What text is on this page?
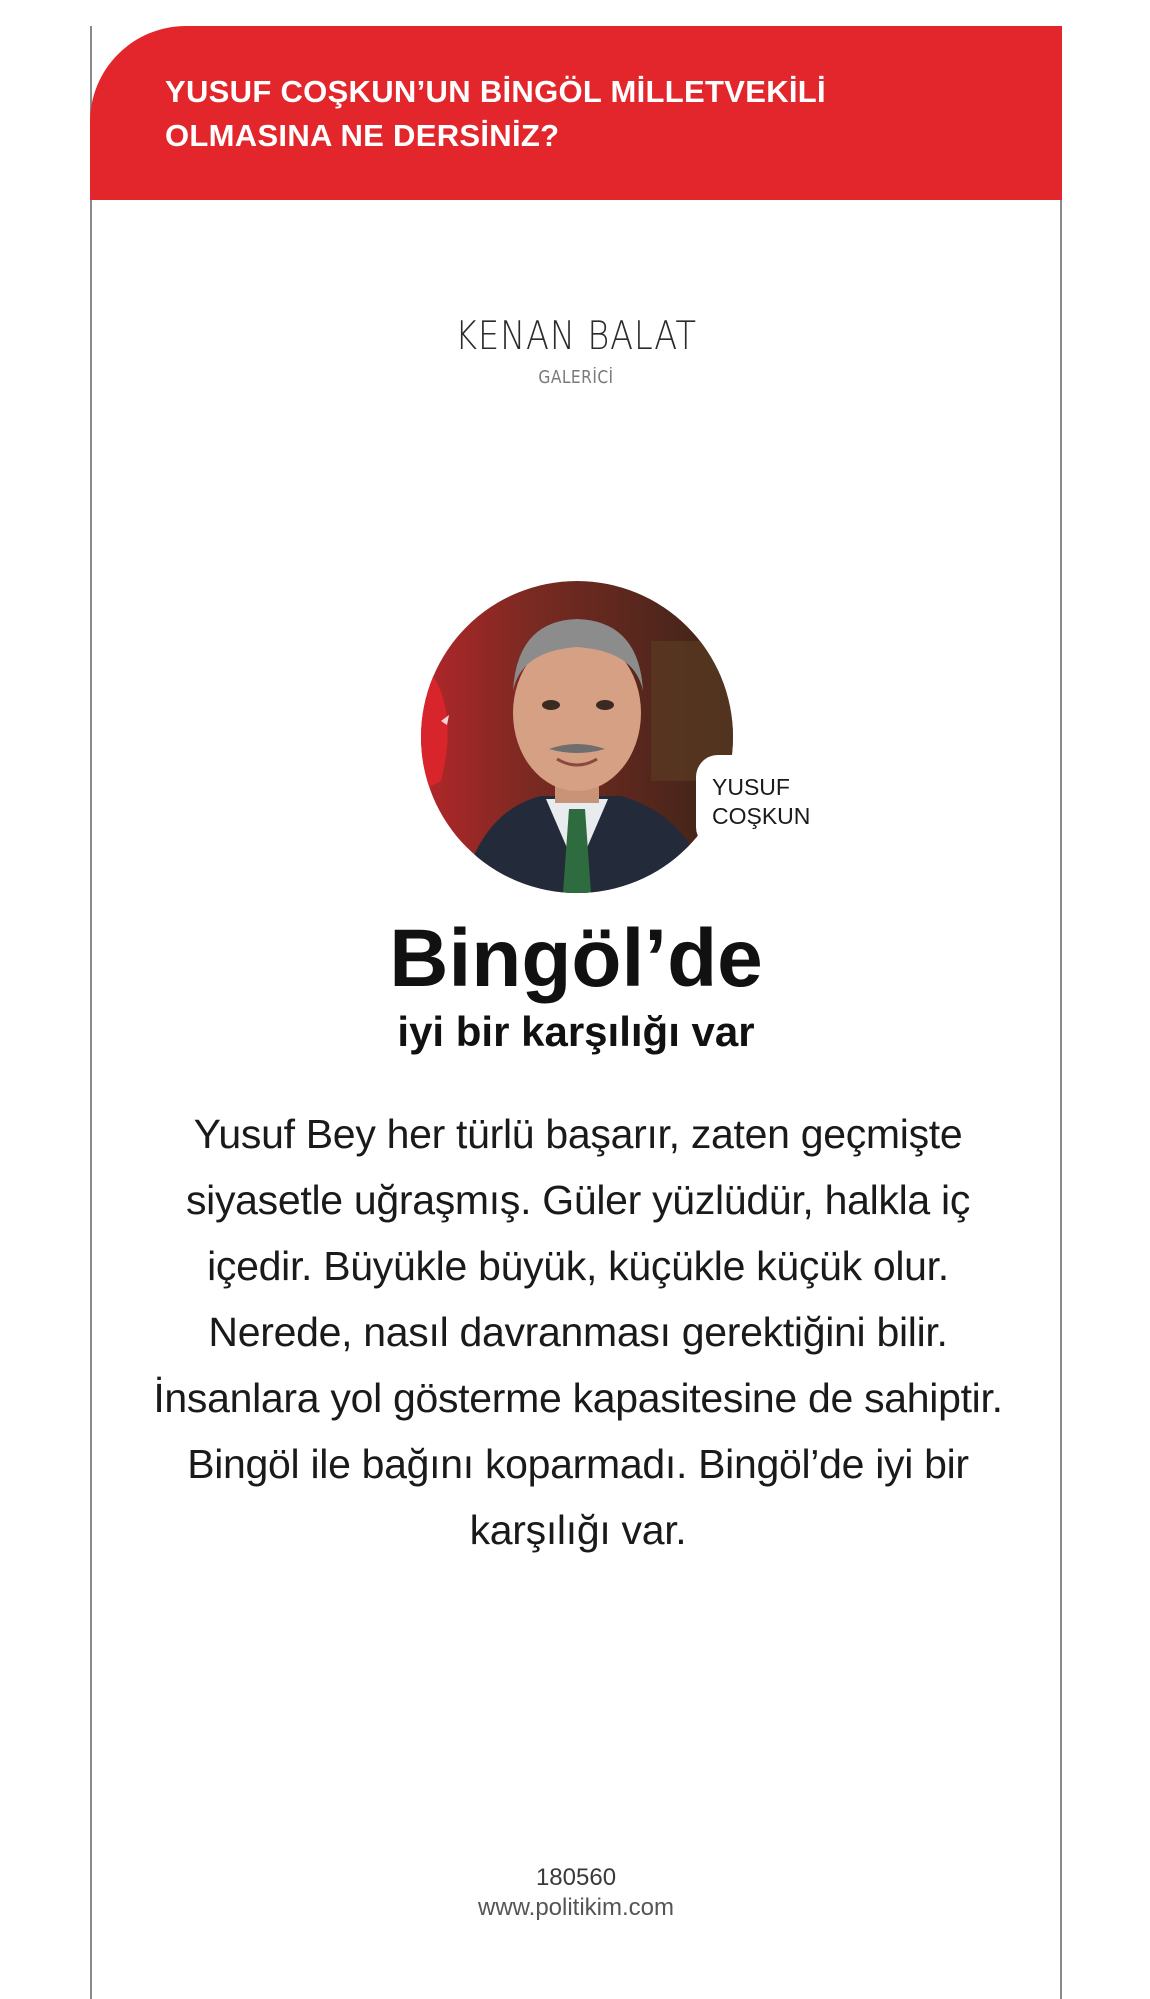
YUSUF COŞKUN’UN BİNGÖL MİLLETVEKİLİ
OLMASINA NE DERSİNİZ?
KENAN BALAT
GALERİCİ
YUSUF
COŞKUN
Bingöl’de
iyi bir karşılığı var
Yusuf Bey her türlü başarır, zaten geçmişte
siyasetle uğraşmış. Güler yüzlüdür, halkla iç
içedir. Büyükle büyük, küçükle küçük olur.
Nerede, nasıl davranması gerektiğini bilir.
İnsanlara yol gösterme kapasitesine de sahiptir.
Bingöl ile bağını koparmadı. Bingöl’de iyi bir
karşılığı var.
180560
www.politikim.com
